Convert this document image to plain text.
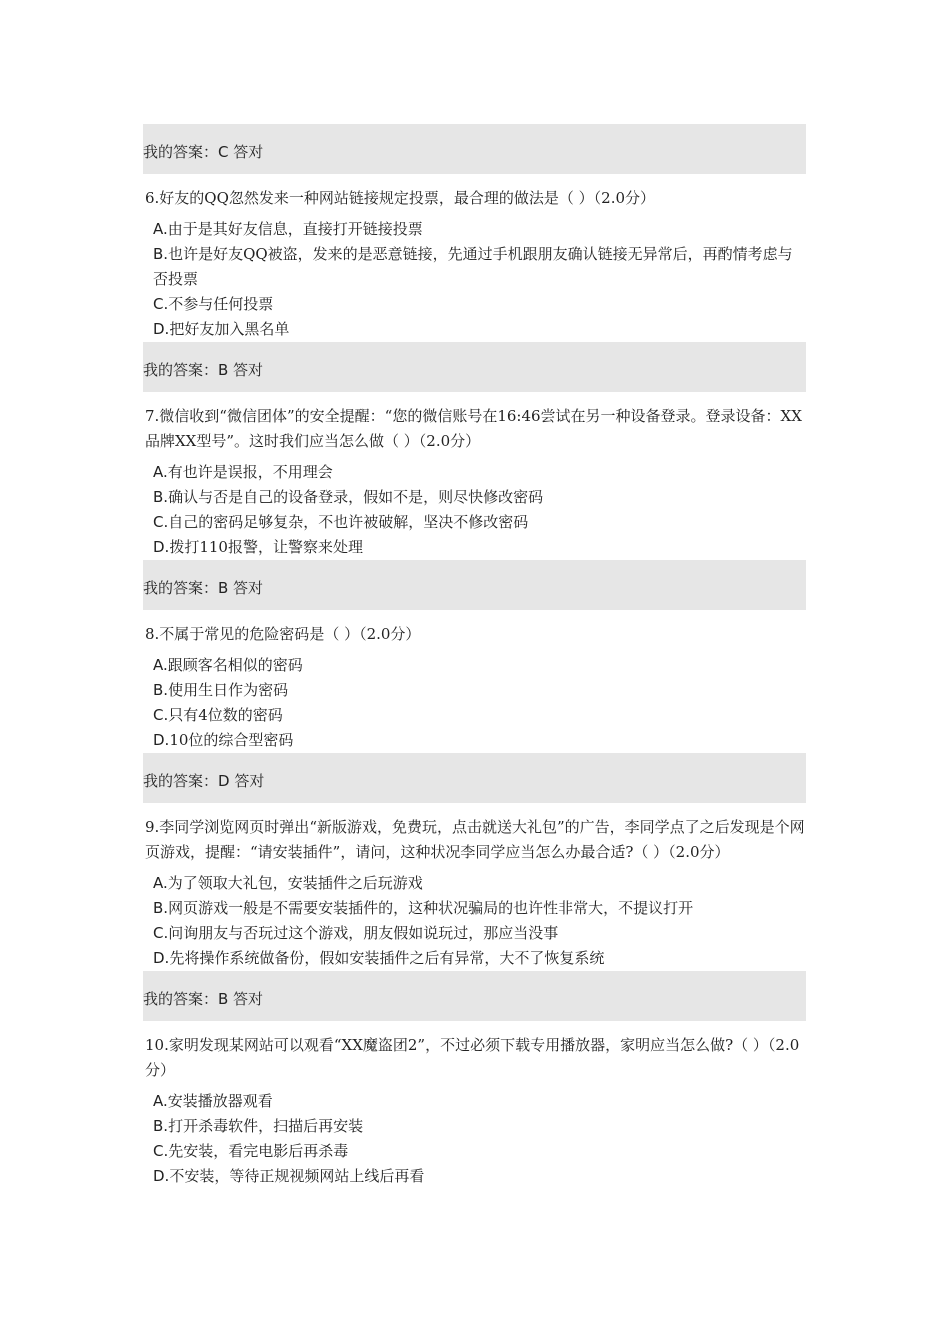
我的答案：C 答对

6.好友的QQ忽然发来一种网站链接规定投票，最合理的做法是（ ）（2.0分）

A.由于是其好友信息，直接打开链接投票
B.也许是好友QQ被盗，发来的是恶意链接，先通过手机跟朋友确认链接无异常后，再酌情考虑与否投票
C.不参与任何投票
D.把好友加入黑名单
我的答案：B 答对

7.微信收到“微信团体”的安全提醒：“您的微信账号在16:46尝试在另一种设备登录。登录设备：XX品牌XX型号”。这时我们应当怎么做（ ）（2.0分）

A.有也许是误报，不用理会
B.确认与否是自己的设备登录，假如不是，则尽快修改密码
C.自己的密码足够复杂，不也许被破解，坚决不修改密码
D.拨打110报警，让警察来处理
我的答案：B 答对

8.不属于常见的危险密码是（ ）（2.0分）

A.跟顾客名相似的密码
B.使用生日作为密码
C.只有4位数的密码
D.10位的综合型密码
我的答案：D 答对

9.李同学浏览网页时弹出“新版游戏，免费玩，点击就送大礼包”的广告，李同学点了之后发现是个网页游戏，提醒：“请安装插件”，请问，这种状况李同学应当怎么办最合适?（ ）（2.0分）

A.为了领取大礼包，安装插件之后玩游戏
B.网页游戏一般是不需要安装插件的，这种状况骗局的也许性非常大，不提议打开
C.问询朋友与否玩过这个游戏，朋友假如说玩过，那应当没事
D.先将操作系统做备份，假如安装插件之后有异常，大不了恢复系统
我的答案：B 答对

10.家明发现某网站可以观看“XX魔盗团2”，不过必须下载专用播放器，家明应当怎么做?（ ）（2.0分）

A.安装播放器观看
B.打开杀毒软件，扫描后再安装
C.先安装，看完电影后再杀毒
D.不安装，等待正规视频网站上线后再看
